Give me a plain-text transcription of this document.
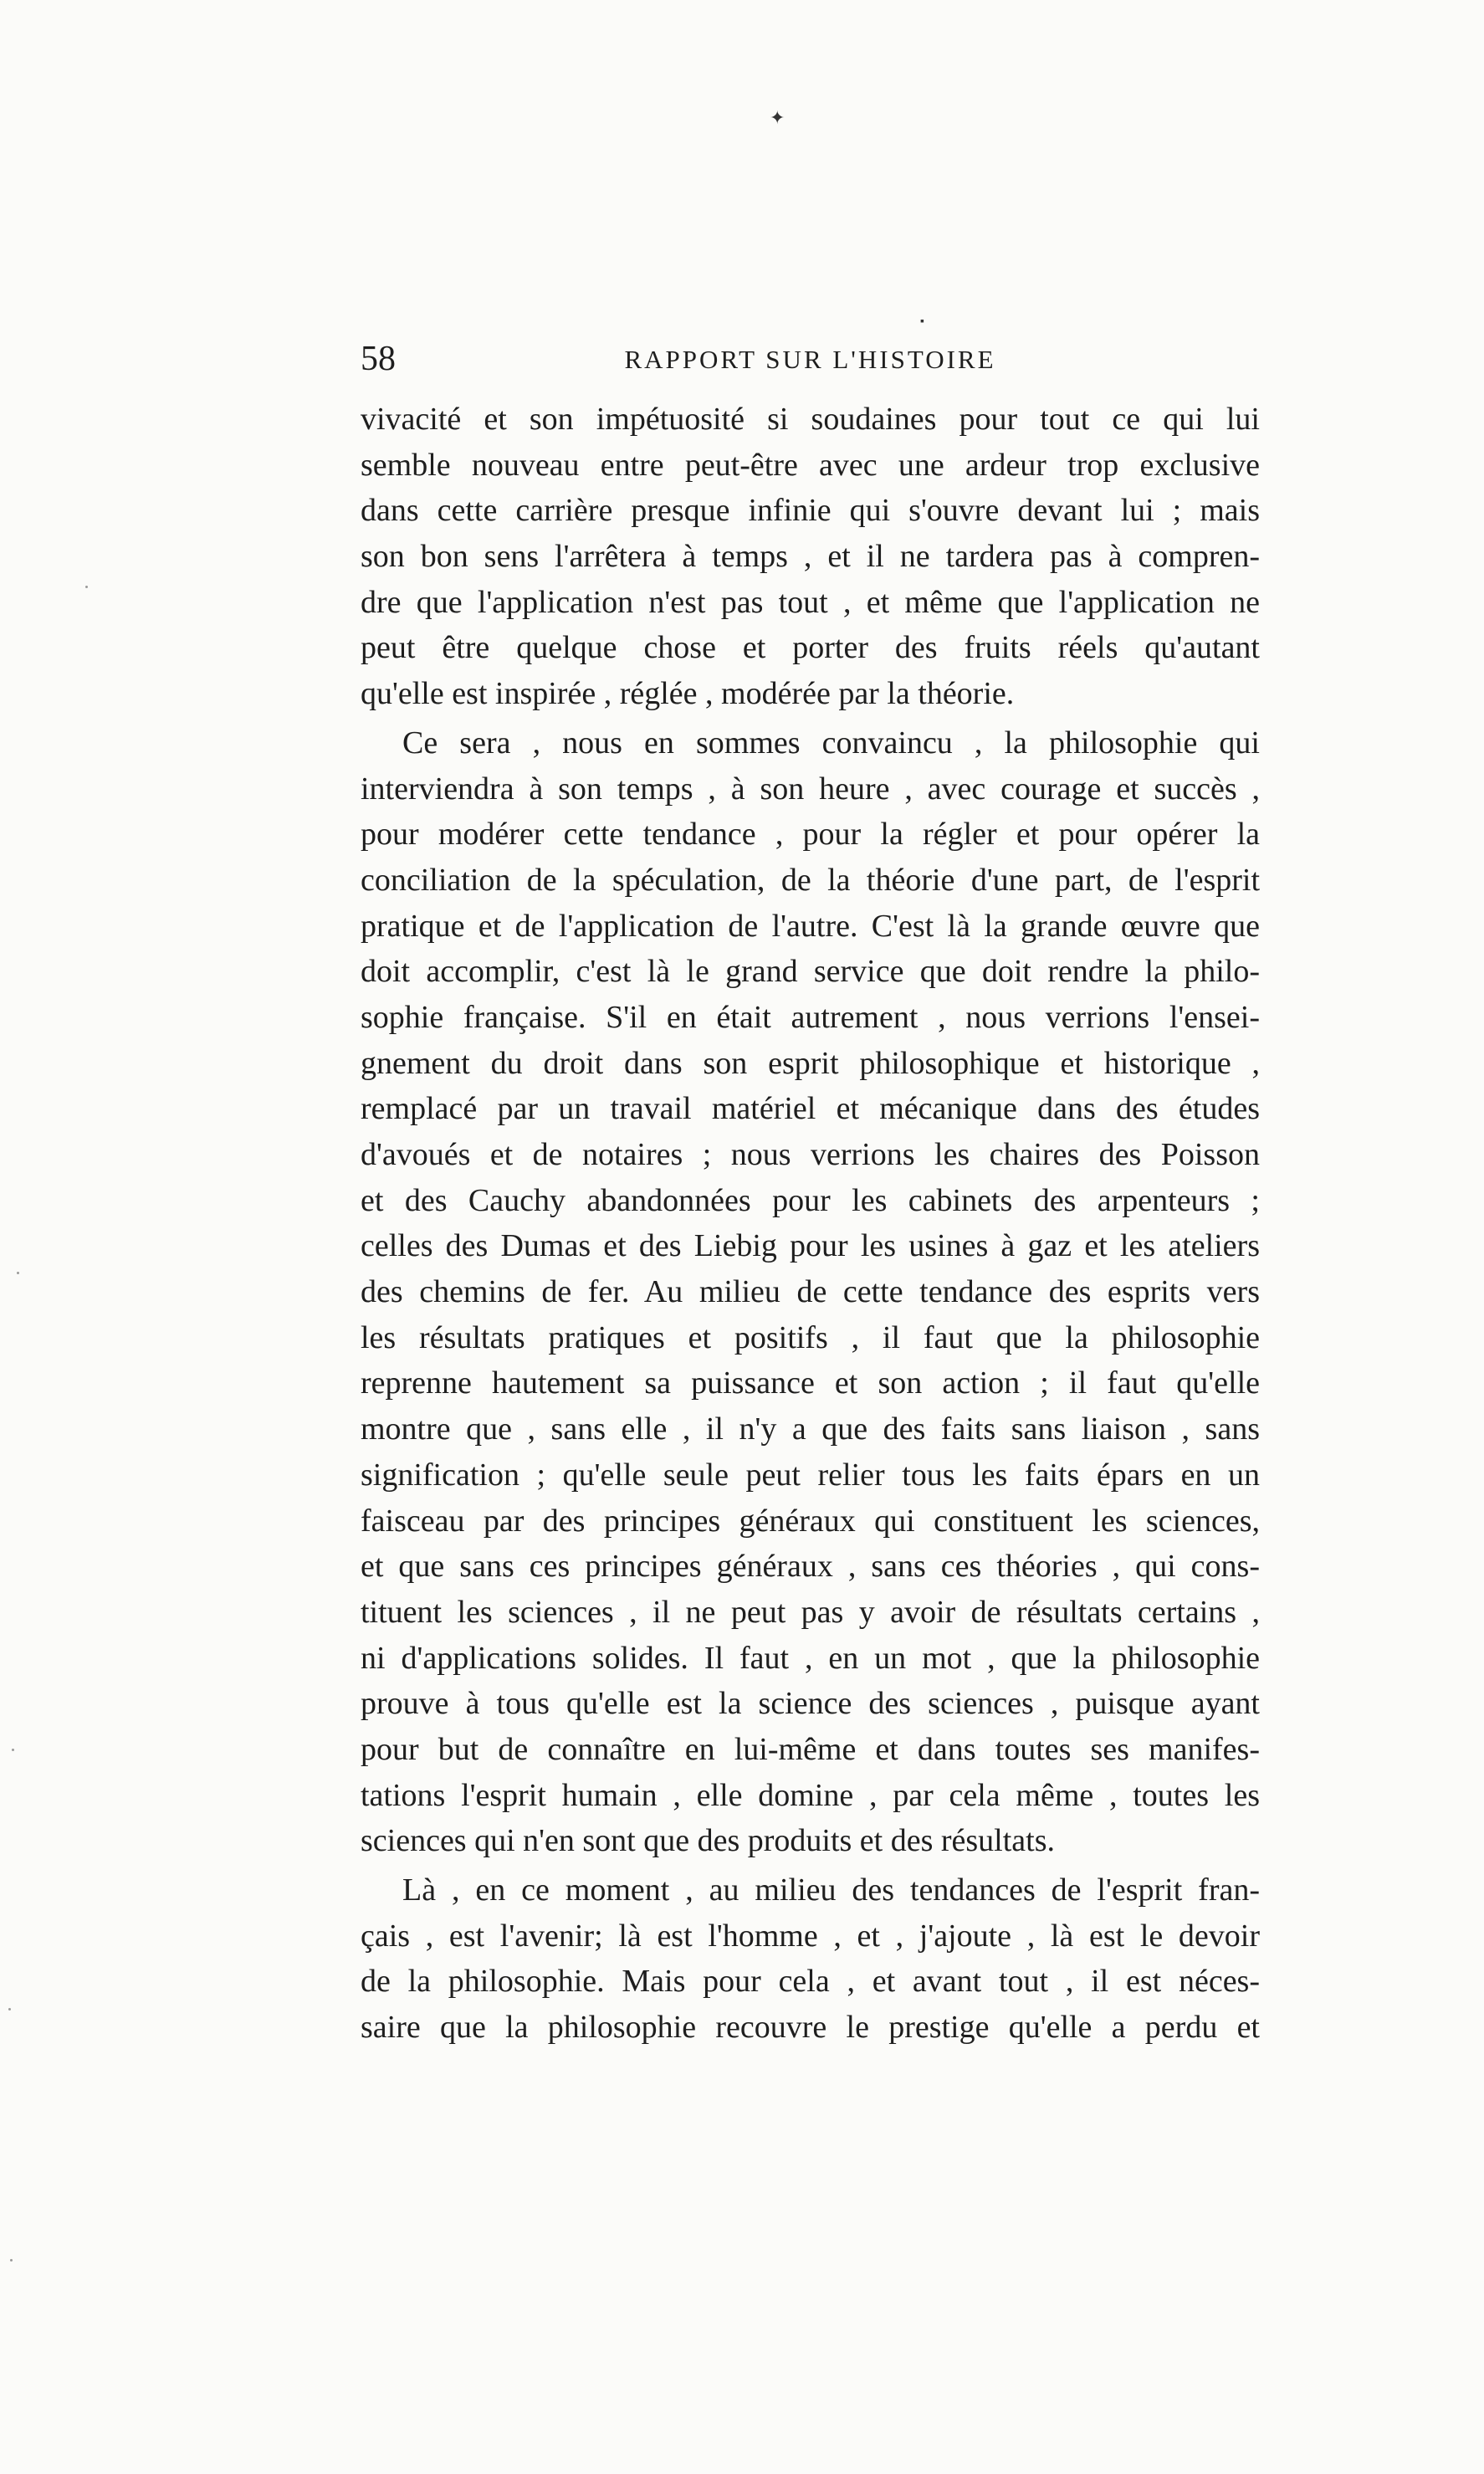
✦
▪
58	RAPPORT SUR L'HISTOIRE
vivacité et son impétuosité si soudaines pour tout ce qui lui
semble nouveau entre peut-être avec une ardeur trop exclusive
dans cette carrière presque infinie qui s'ouvre devant lui ; mais
son bon sens l'arrêtera à temps , et il ne tardera pas à compren-
dre que l'application n'est pas tout , et même que l'application ne
peut être quelque chose et porter des fruits réels qu'autant
qu'elle est inspirée , réglée , modérée par la théorie.
Ce sera , nous en sommes convaincu , la philosophie qui
interviendra à son temps , à son heure , avec courage et succès ,
pour modérer cette tendance , pour la régler et pour opérer la
conciliation de la spéculation, de la théorie d'une part, de l'esprit
pratique et de l'application de l'autre. C'est là la grande œuvre que
doit accomplir, c'est là le grand service que doit rendre la philo-
sophie française. S'il en était autrement , nous verrions l'ensei-
gnement du droit dans son esprit philosophique et historique ,
remplacé par un travail matériel et mécanique dans des études
d'avoués et de notaires ; nous verrions les chaires des Poisson
et des Cauchy abandonnées pour les cabinets des arpenteurs ;
celles des Dumas et des Liebig pour les usines à gaz et les ateliers
des chemins de fer. Au milieu de cette tendance des esprits vers
les résultats pratiques et positifs , il faut que la philosophie
reprenne hautement sa puissance et son action ; il faut qu'elle
montre que , sans elle , il n'y a que des faits sans liaison , sans
signification ; qu'elle seule peut relier tous les faits épars en un
faisceau par des principes généraux qui constituent les sciences,
et que sans ces principes généraux , sans ces théories , qui cons-
tituent les sciences , il ne peut pas y avoir de résultats certains ,
ni d'applications solides. Il faut , en un mot , que la philosophie
prouve à tous qu'elle est la science des sciences , puisque ayant
pour but de connaître en lui-même et dans toutes ses manifes-
tations l'esprit humain , elle domine , par cela même , toutes les
sciences qui n'en sont que des produits et des résultats.
Là , en ce moment , au milieu des tendances de l'esprit fran-
çais , est l'avenir; là est l'homme , et , j'ajoute , là est le devoir
de la philosophie. Mais pour cela , et avant tout , il est néces-
saire que la philosophie recouvre le prestige qu'elle a perdu et
